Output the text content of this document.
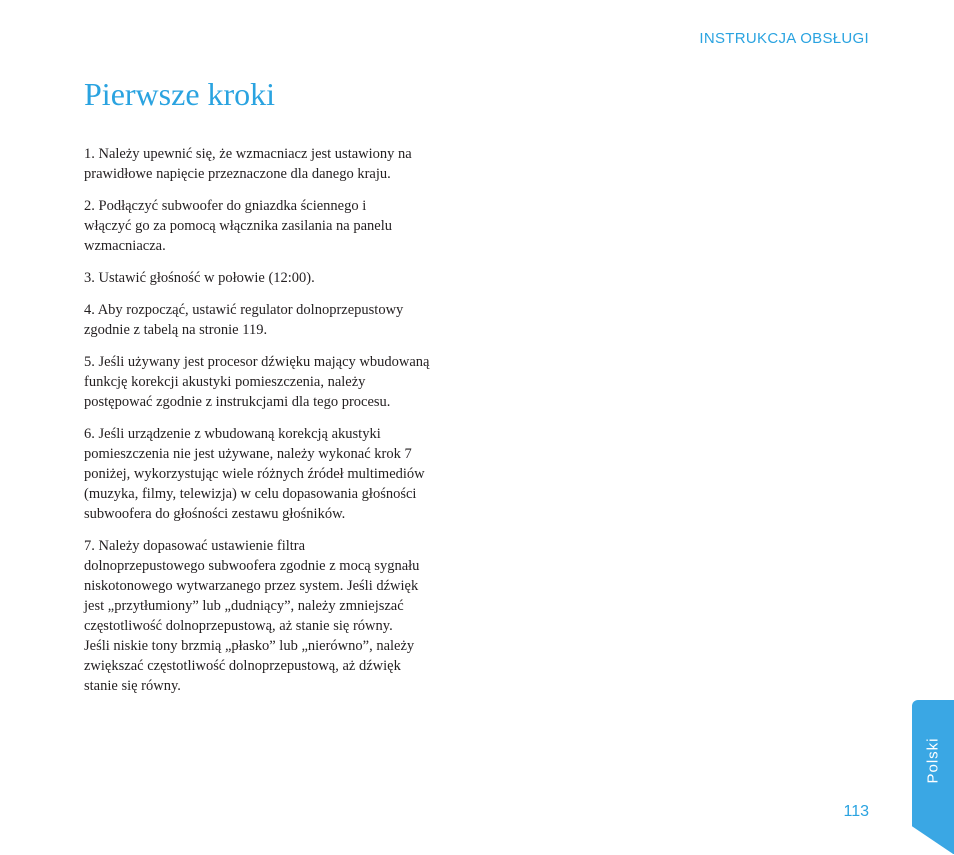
INSTRUKCJA OBSŁUGI
Pierwsze kroki

1. Należy upewnić się, że wzmacniacz jest ustawiony na
prawidłowe napięcie przeznaczone dla danego kraju.

2. Podłączyć subwoofer do gniazdka ściennego i
włączyć go za pomocą włącznika zasilania na panelu
wzmacniacza.

3. Ustawić głośność w połowie (12:00).

4. Aby rozpocząć, ustawić regulator dolnoprzepustowy
zgodnie z tabelą na stronie 119.

5. Jeśli używany jest procesor dźwięku mający wbudowaną
funkcję korekcji akustyki pomieszczenia, należy
postępować zgodnie z instrukcjami dla tego procesu.

6. Jeśli urządzenie z wbudowaną korekcją akustyki
pomieszczenia nie jest używane, należy wykonać krok 7
poniżej, wykorzystując wiele różnych źródeł multimediów
(muzyka, filmy, telewizja) w celu dopasowania głośności
subwoofera do głośności zestawu głośników.

7. Należy dopasować ustawienie filtra
dolnoprzepustowego subwoofera zgodnie z mocą sygnału
niskotonowego wytwarzanego przez system. Jeśli dźwięk
jest „przytłumiony” lub „dudniący”, należy zmniejszać
częstotliwość dolnoprzepustową, aż stanie się równy.
Jeśli niskie tony brzmią „płasko” lub „nierówno”, należy
zwiększać częstotliwość dolnoprzepustową, aż dźwięk
stanie się równy.

Polski
113
